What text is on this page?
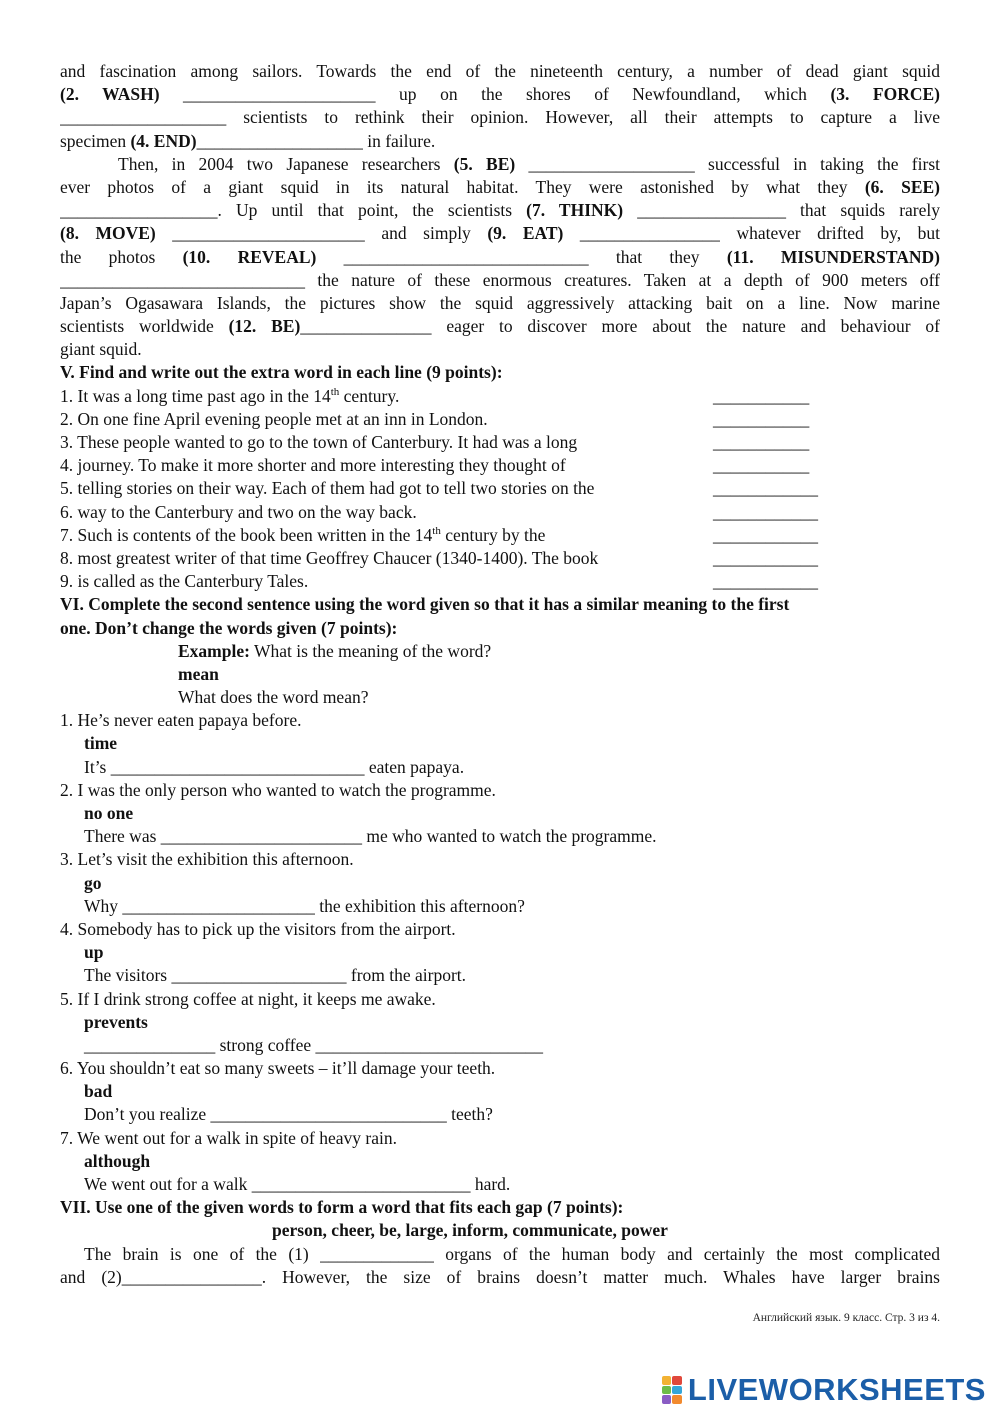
and fascination among sailors. Towards the end of the nineteenth century, a number of dead giant squid
(2. WASH) ______________________ up on the shores of Newfoundland, which (3. FORCE)
___________________ scientists to rethink their opinion. However, all their attempts to capture a live
specimen (4. END)___________________ in failure.
Then, in 2004 two Japanese researchers (5. BE) ___________________ successful in taking the first
ever photos of a giant squid in its natural habitat. They were astonished by what they (6. SEE)
__________________. Up until that point, the scientists (7. THINK) _________________ that squids rarely
(8. MOVE) ______________________ and simply (9. EAT) ________________ whatever drifted by, but
the photos (10. REVEAL) ____________________________ that they (11. MISUNDERSTAND)
____________________________ the nature of these enormous creatures. Taken at a depth of 900 meters off
Japan’s Ogasawara Islands, the pictures show the squid aggressively attacking bait on a line. Now marine
scientists worldwide (12. BE)_______________ eager to discover more about the nature and behaviour of
giant squid.
V. Find and write out the extra word in each line (9 points):
1. It was a long time past ago in the 14th century.	___________
2. On one fine April evening people met at an inn in London.	___________
3. These people wanted to go to the town of Canterbury. It had was a long	___________
4. journey. To make it more shorter and more interesting they thought of	___________
5. telling stories on their way. Each of them had got to tell two stories on the	____________
6. way to the Canterbury and two on the way back.	____________
7. Such is contents of the book been written in the 14th century by the	____________
8. most greatest writer of that time Geoffrey Chaucer (1340-1400). The book	____________
9. is called as the Canterbury Tales.	____________
VI. Complete the second sentence using the word given so that it has a similar meaning to the first
one. Don’t change the words given (7 points):
Example: What is the meaning of the word?
mean
What does the word mean?
1. He’s never eaten papaya before.
time
It’s _____________________________ eaten papaya.
2. I was the only person who wanted to watch the programme.
no one
There was _______________________ me who wanted to watch the programme.
3. Let’s visit the exhibition this afternoon.
go
Why ______________________ the exhibition this afternoon?
4. Somebody has to pick up the visitors from the airport.
up
The visitors ____________________ from the airport.
5. If I drink strong coffee at night, it keeps me awake.
prevents
_______________ strong coffee __________________________
6. You shouldn’t eat so many sweets – it’ll damage your teeth.
bad
Don’t you realize ___________________________ teeth?
7. We went out for a walk in spite of heavy rain.
although
We went out for a walk _________________________ hard.
VII. Use one of the given words to form a word that fits each gap (7 points):
person, cheer, be, large, inform, communicate, power
The brain is one of the (1) _____________ organs of the human body and certainly the most complicated
and (2)________________. However, the size of brains doesn’t matter much. Whales have larger brains
Английский язык. 9 класс. Стр. 3 из 4.
LIVEWORKSHEETS
